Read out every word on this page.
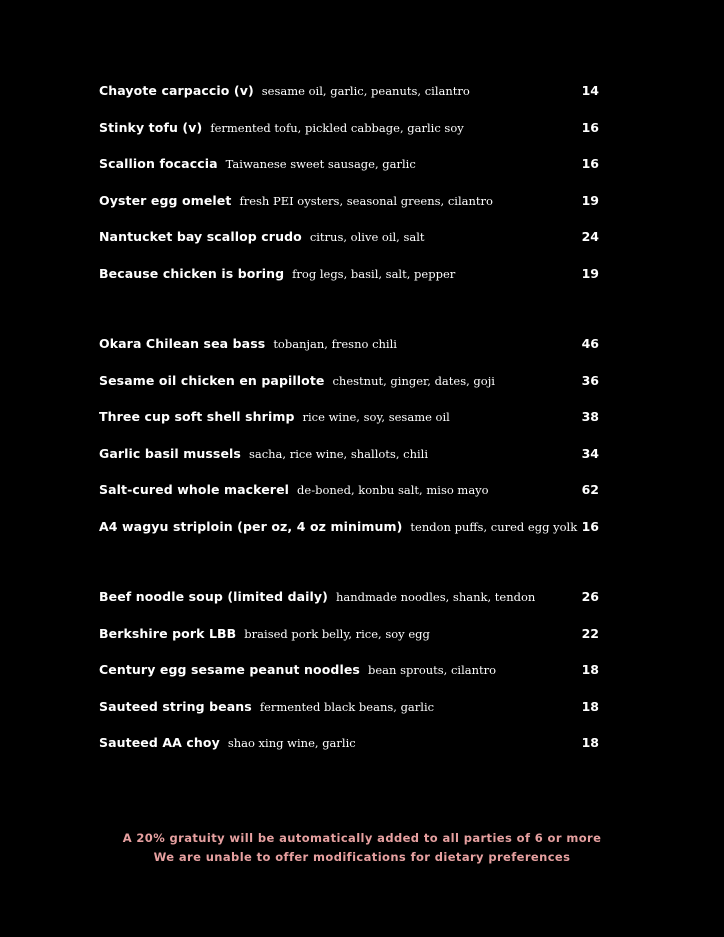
Chayote carpaccio (v) sesame oil, garlic, peanuts, cilantro	14
Stinky tofu (v) fermented tofu, pickled cabbage, garlic soy	16
Scallion focaccia Taiwanese sweet sausage, garlic	16
Oyster egg omelet fresh PEI oysters, seasonal greens, cilantro	19
Nantucket bay scallop crudo citrus, olive oil, salt	24
Because chicken is boring frog legs, basil, salt, pepper	19
Okara Chilean sea bass tobanjan, fresno chili	46
Sesame oil chicken en papillote chestnut, ginger, dates, goji	36
Three cup soft shell shrimp rice wine, soy, sesame oil	38
Garlic basil mussels sacha, rice wine, shallots, chili	34
Salt-cured whole mackerel de-boned, konbu salt, miso mayo	62
A4 wagyu striploin (per oz, 4 oz minimum) tendon puffs, cured egg yolk 16
Beef noodle soup (limited daily) handmade noodles, shank, tendon	26
Berkshire pork LBB braised pork belly, rice, soy egg	22
Century egg sesame peanut noodles bean sprouts, cilantro	18
Sauteed string beans fermented black beans, garlic	18
Sauteed AA choy shao xing wine, garlic	18
A 20% gratuity will be automatically added to all parties of 6 or more
We are unable to offer modifications for dietary preferences
